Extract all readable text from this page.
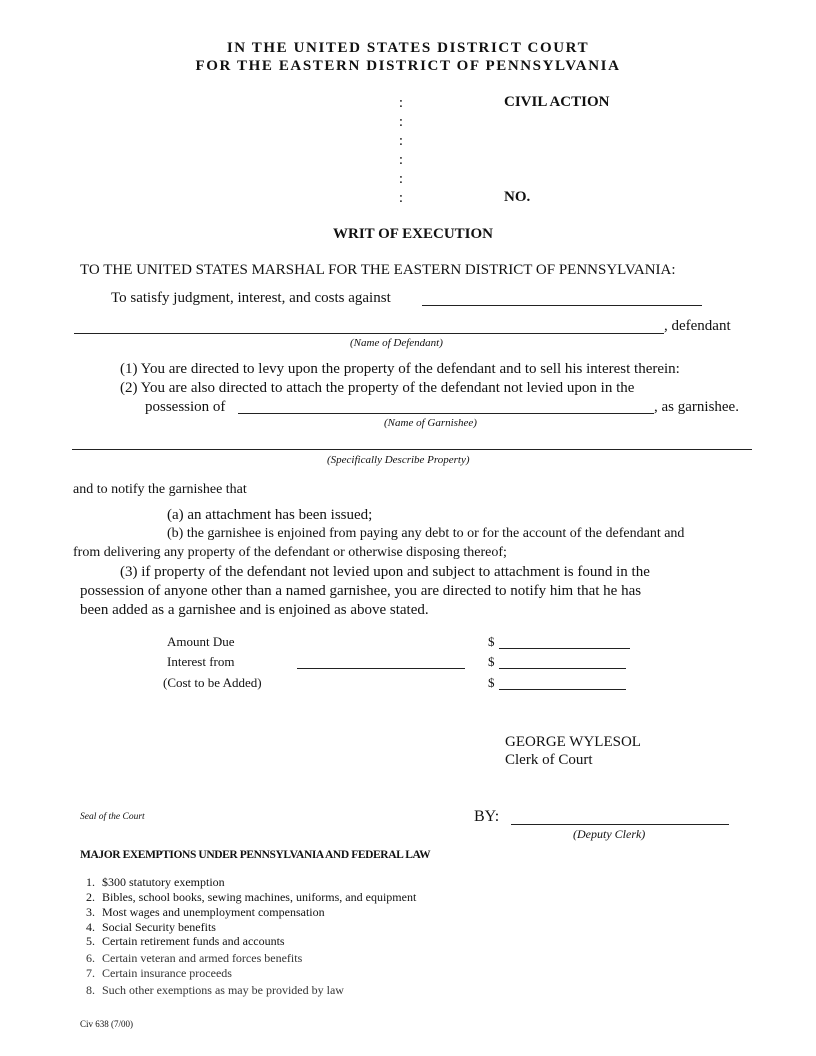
IN THE UNITED STATES DISTRICT COURT
FOR THE EASTERN DISTRICT OF PENNSYLVANIA
:
:
:
:
:
:
CIVIL ACTION
NO.
WRIT OF EXECUTION
TO THE UNITED STATES MARSHAL FOR THE EASTERN DISTRICT OF PENNSYLVANIA:
To satisfy judgment, interest, and costs against
, defendant
(Name of Defendant)
(1) You are directed to levy upon the property of the defendant and to sell his interest therein:
(2) You are also directed to attach the property of the defendant not levied upon in the
possession of	, as garnishee.
(Name of Garnishee)
(Specifically Describe Property)
and to notify the garnishee that
(a) an attachment has been issued;
(b) the garnishee is enjoined from paying any debt to or for the account of the defendant and
from delivering any property of the defendant or otherwise disposing thereof;
(3) if property of the defendant not levied upon and subject to attachment is found in the
possession of anyone other than a named garnishee, you are directed to notify him that he has
been added as a garnishee and is enjoined as above stated.
Amount Due
Interest from
(Cost to be Added)
$
$
$
GEORGE WYLESOL
Clerk of Court
Seal of the Court	BY:
(Deputy Clerk)
MAJOR EXEMPTIONS UNDER PENNSYLVANIA AND FEDERAL LAW
1. $300 statutory exemption
2. Bibles, school books, sewing machines, uniforms, and equipment
3. Most wages and unemployment compensation
4. Social Security benefits
5. Certain retirement funds and accounts
6. Certain veteran and armed forces benefits
7. Certain insurance proceeds
8. Such other exemptions as may be provided by law
Civ 638 (7/00)
